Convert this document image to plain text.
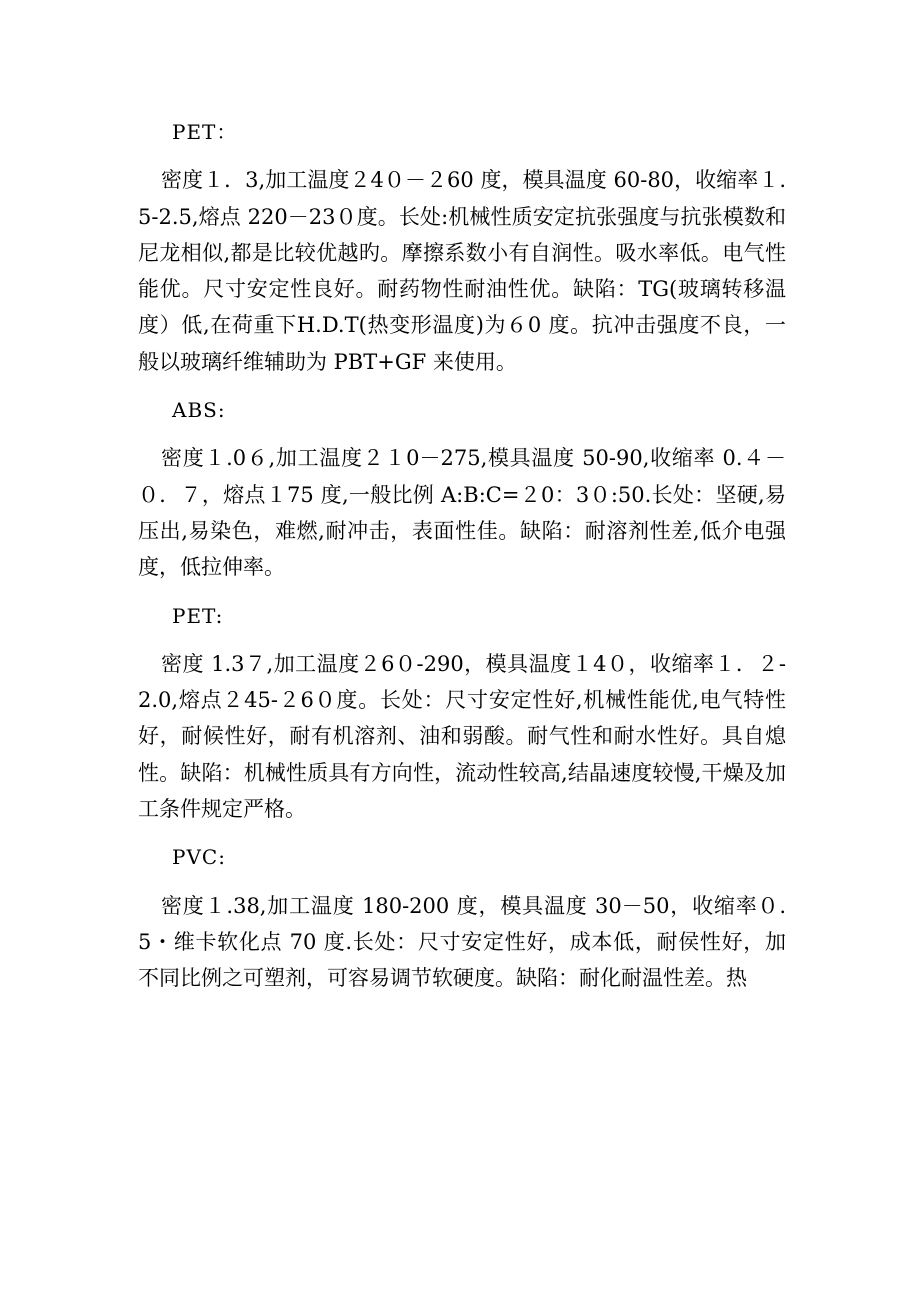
PET：

密度１．3,加工温度２4０－２60 度，模具温度 60-80，收缩率１.5-2.5,熔点 220－23０度。长处:机械性质安定抗张强度与抗张模数和尼龙相似,都是比较优越旳。摩擦系数小有自润性。吸水率低。电气性能优。尺寸安定性良好。耐药物性耐油性优。缺陷：TG(玻璃转移温度）低,在荷重下H.D.T(热变形温度)为６0 度。抗冲击强度不良，一般以玻璃纤维辅助为 PBT+GF 来使用。

ABS:

密度１.0６,加工温度２１0－275,模具温度 50-90,收缩率 0.４－０．７，熔点１75 度,一般比例 A:B:C=２0：3０:50.长处：坚硬,易压出,易染色，难燃,耐冲击，表面性佳。缺陷：耐溶剂性差,低介电强度，低拉伸率。

PET:

密度 1.3７,加工温度２6０-290，模具温度１4０，收缩率１．２-2.0,熔点２45-２6０度。长处：尺寸安定性好,机械性能优,电气特性好，耐候性好，耐有机溶剂、油和弱酸。耐气性和耐水性好。具自熄性。缺陷：机械性质具有方向性，流动性较高,结晶速度较慢,干燥及加工条件规定严格。

PVC:

密度１.38,加工温度 180-200 度，模具温度 30－50，收缩率０.5・维卡软化点 70 度.长处：尺寸安定性好，成本低，耐侯性好，加不同比例之可塑剂，可容易调节软硬度。缺陷：耐化耐温性差。热
